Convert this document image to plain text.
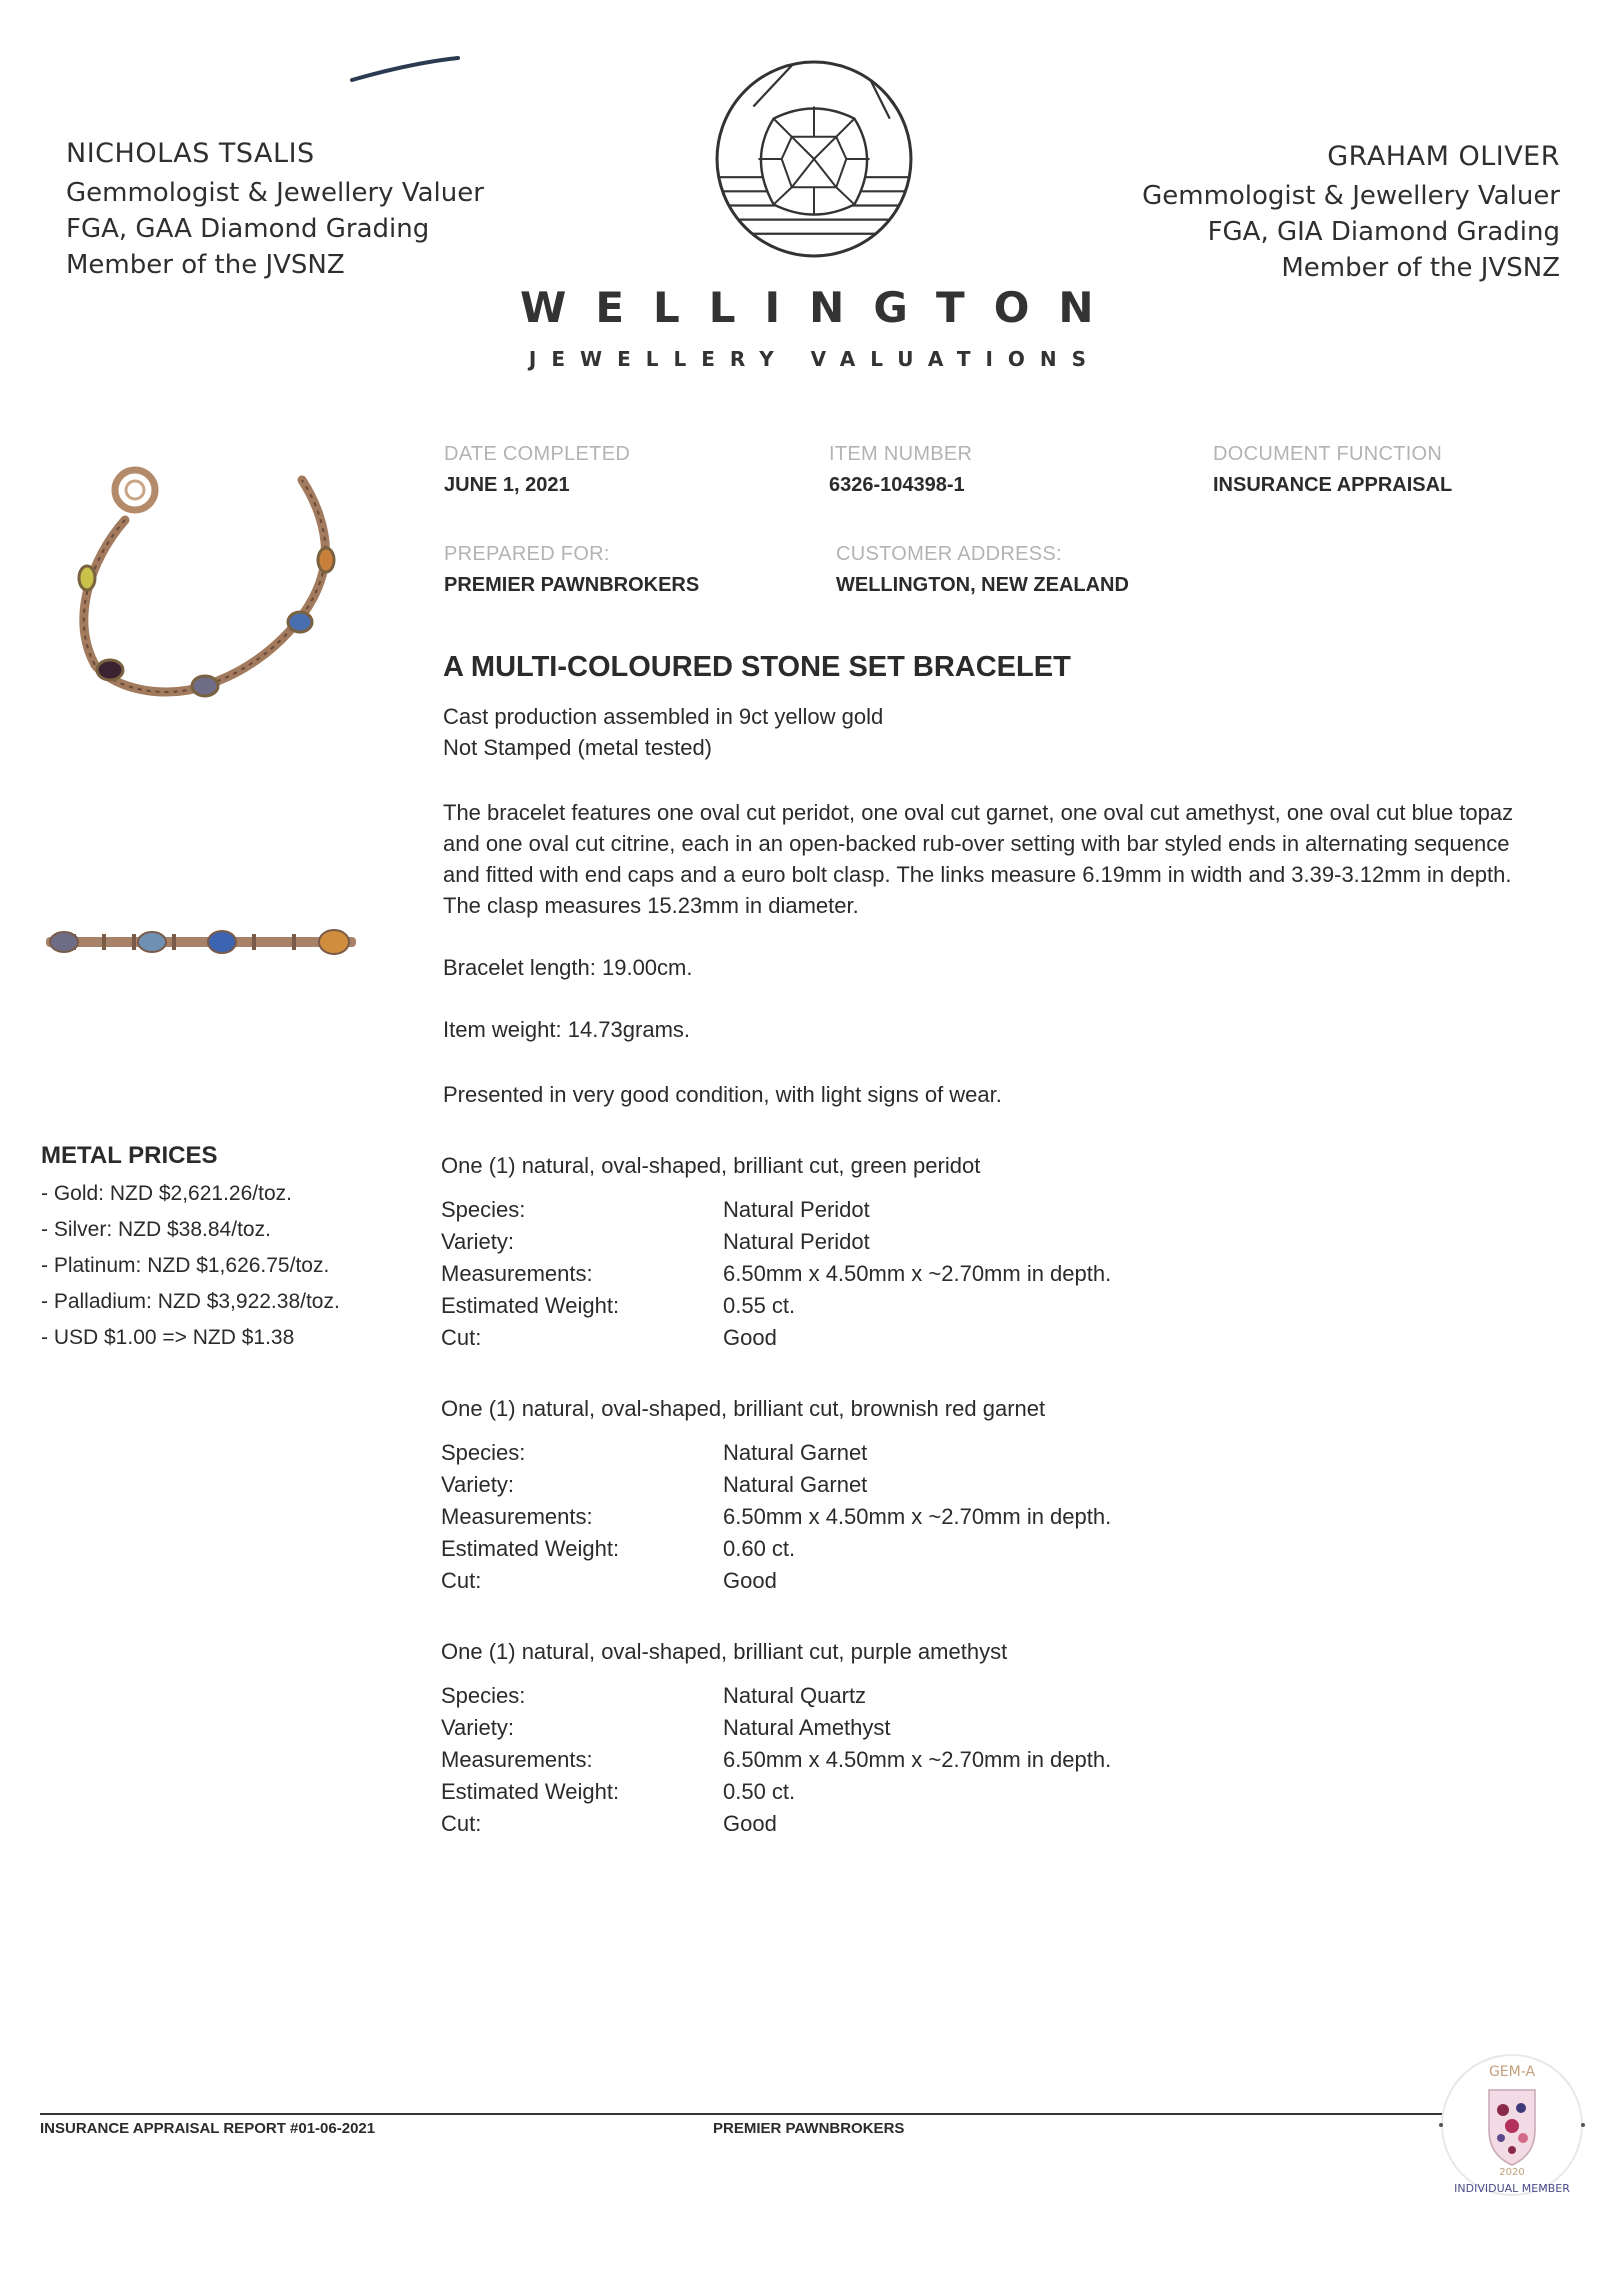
NICHOLAS TSALIS
Gemmologist & Jewellery Valuer
FGA, GAA Diamond Grading
Member of the JVSNZ
GRAHAM OLIVER
Gemmologist & Jewellery Valuer
FGA, GIA Diamond Grading
Member of the JVSNZ
WELLINGTON
JEWELLERY VALUATIONS
DATE COMPLETED
JUNE 1, 2021
ITEM NUMBER
6326-104398-1
DOCUMENT FUNCTION
INSURANCE APPRAISAL
PREPARED FOR:
PREMIER PAWNBROKERS
CUSTOMER ADDRESS:
WELLINGTON, NEW ZEALAND
A MULTI-COLOURED STONE SET BRACELET
Cast production assembled in 9ct yellow gold
Not Stamped (metal tested)
The bracelet features one oval cut peridot, one oval cut garnet, one oval cut amethyst, one oval cut blue topaz
and one oval cut citrine, each in an open-backed rub-over setting with bar styled ends in alternating sequence
and fitted with end caps and a euro bolt clasp. The links measure 6.19mm in width and 3.39-3.12mm in depth.
The clasp measures 15.23mm in diameter.
Bracelet length: 19.00cm.
Item weight: 14.73grams.
Presented in very good condition, with light signs of wear.
One (1) natural, oval-shaped, brilliant cut, green peridot
Species:	Natural Peridot
Variety:	Natural Peridot
Measurements:	6.50mm x 4.50mm x ~2.70mm in depth.
Estimated Weight:	0.55 ct.
Cut:	Good
One (1) natural, oval-shaped, brilliant cut, brownish red garnet
Species:	Natural Garnet
Variety:	Natural Garnet
Measurements:	6.50mm x 4.50mm x ~2.70mm in depth.
Estimated Weight:	0.60 ct.
Cut:	Good
One (1) natural, oval-shaped, brilliant cut, purple amethyst
Species:	Natural Quartz
Variety:	Natural Amethyst
Measurements:	6.50mm x 4.50mm x ~2.70mm in depth.
Estimated Weight:	0.50 ct.
Cut:	Good
METAL PRICES
- Gold: NZD $2,621.26/toz.
- Silver: NZD $38.84/toz.
- Platinum: NZD $1,626.75/toz.
- Palladium: NZD $3,922.38/toz.
- USD $1.00 => NZD $1.38
INSURANCE APPRAISAL REPORT #01-06-2021	PREMIER PAWNBROKERS
GEM-A
2020
INDIVIDUAL MEMBER
